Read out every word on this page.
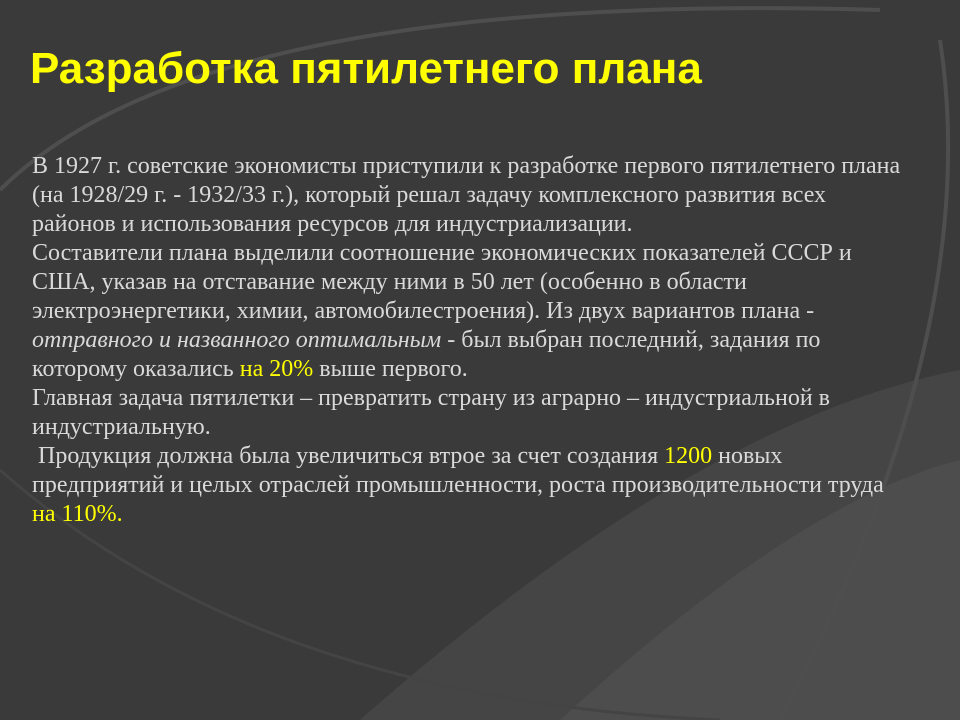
Разработка пятилетнего плана

В 1927 г. советские экономисты приступили к разработке первого пятилетнего плана (на 1928/29 г. - 1932/33 г.), который решал задачу комплексного развития всех районов и использования ресурсов для индустриализации.

Составители плана выделили соотношение экономических показателей СССР и США, указав на отставание между ними в 50 лет (особенно в области электроэнергетики, химии, автомобилестроения). Из двух вариантов плана - отправного и названного оптимальным - был выбран последний, задания по которому оказались на 20% выше первого.

Главная задача пятилетки – превратить страну из аграрно – индустриальной в индустриальную.

Продукция должна была увеличиться втрое за счет создания 1200 новых предприятий и целых отраслей промышленности, роста производительности труда на 110%.
